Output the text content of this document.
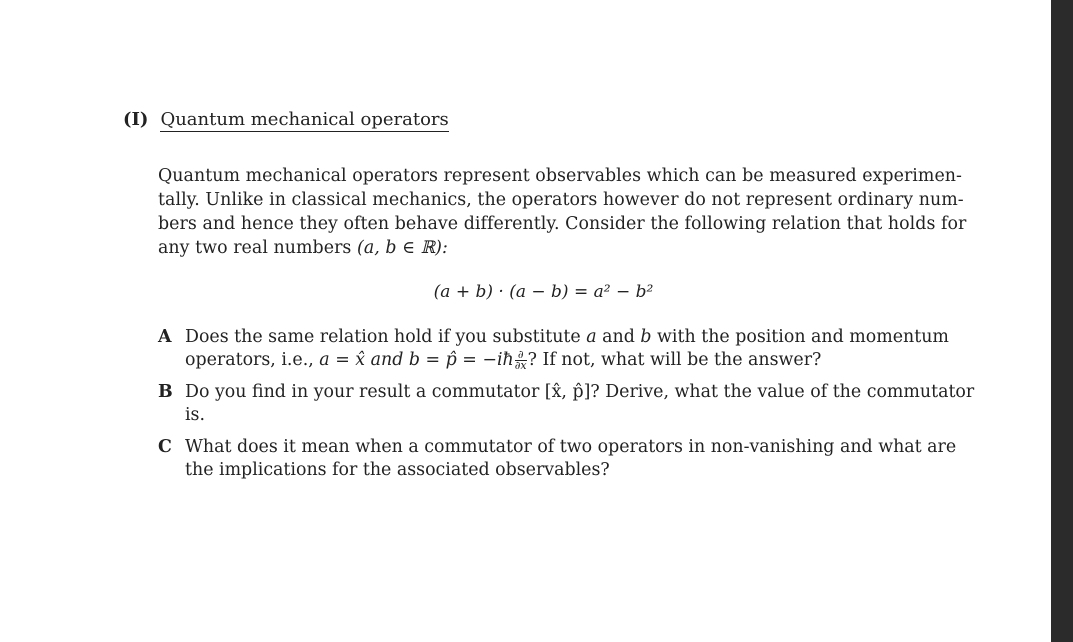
(I) Quantum mechanical operators
Quantum mechanical operators represent observables which can be measured experimen-
tally. Unlike in classical mechanics, the operators however do not represent ordinary num-
bers and hence they often behave differently. Consider the following relation that holds for
any two real numbers (a, b ∈ ℝ):
(a + b) · (a − b) = a² − b²
A Does the same relation hold if you substitute a and b with the position and momentum
operators, i.e., a = x̂ and b = p̂ = −iħ $\frac{\partial}{\partial x}$ ? If not, what will be the answer?
B Do you find in your result a commutator [x̂, p̂]? Derive, what the value of the commutator
is.
C What does it mean when a commutator of two operators in non-vanishing and what are
the implications for the associated observables?
